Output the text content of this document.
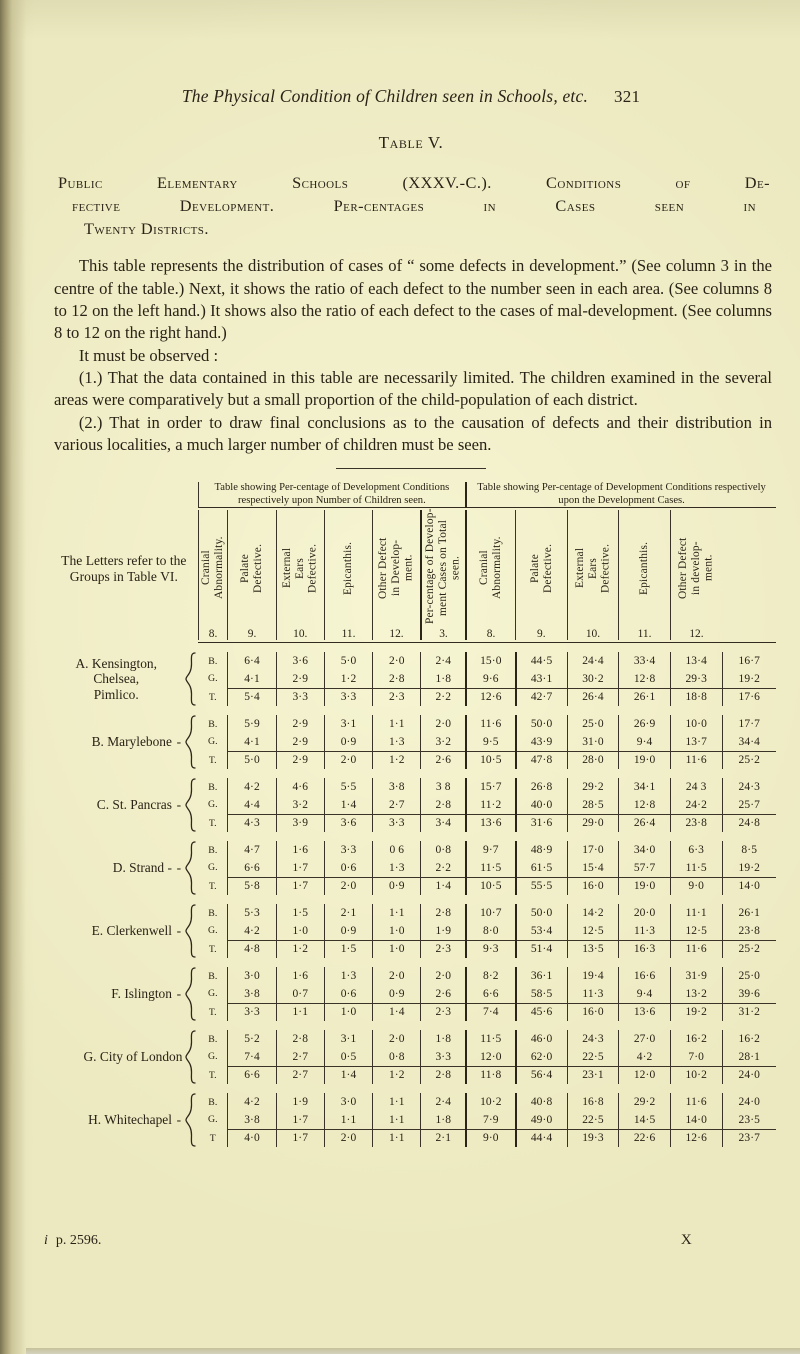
The Physical Condition of Children seen in Schools, etc. 321
Table V.
Public Elementary Schools (XXXV.-C.). Conditions of De-
fective Development. Per-centages in Cases seen in
Twenty Districts.

This table represents the distribution of cases of “ some defects in development.” (See column 3 in the centre of the table.) Next, it shows the ratio of each defect to the number seen in each area. (See columns 8 to 12 on the left hand.) It shows also the ratio of each defect to the cases of mal-development. (See columns 8 to 12 on the right hand.)

It must be observed :

(1.) That the data contained in this table are necessarily limited. The children examined in the several areas were comparatively but a small proportion of the child-population of each district.

(2.) That in order to draw final conclusions as to the causation of defects and their distribution in various localities, a much larger number of children must be seen.

		Table showing Per-centage of Development Conditions respectively upon Number of Children seen.						Table showing Per-centage of Development Conditions respectively upon the Development Cases.					

The Letters refer to the Groups in Table VI.		Cranial Abnormality.	Palate Defective.	External Ears Defective.	Epicanthis.	Other Defect in Develop- ment.	Per-centage of Develop- ment Cases on Total seen.	Cranial Abnormality.	Palate Defective.	External Ears Defective.	Epicanthis.	Other Defect in develop- ment.	

		8.	9.	10.	11.	12.	3.	8.	9.	10.	11.	12.	

A. Kensington,
Chelsea,
Pimlico.		B.	6·4	3·6	5·0	2·0	2·4	15·0	44·5	24·4	33·4	13·4	16·7
		G.	4·1	2·9	1·2	2·8	1·8	9·6	43·1	30·2	12·8	29·3	19·2
		T.	5·4	3·3	3·3	2·3	2·2	12·6	42·7	26·4	26·1	18·8	17·6

B. Marylebone -		B.	5·9	2·9	3·1	1·1	2·0	11·6	50·0	25·0	26·9	10·0	17·7
		G.	4·1	2·9	0·9	1·3	3·2	9·5	43·9	31·0	9·4	13·7	34·4
		T.	5·0	2·9	2·0	1·2	2·6	10·5	47·8	28·0	19·0	11·6	25·2

C. St. Pancras -		B.	4·2	4·6	5·5	3·8	3 8	15·7	26·8	29·2	34·1	24 3	24·3
		G.	4·4	3·2	1·4	2·7	2·8	11·2	40·0	28·5	12·8	24·2	25·7
		T.	4·3	3·9	3·6	3·3	3·4	13·6	31·6	29·0	26·4	23·8	24·8

D. Strand - -		B.	4·7	1·6	3·3	0 6	0·8	9·7	48·9	17·0	34·0	6·3	8·5
		G.	6·6	1·7	0·6	1·3	2·2	11·5	61·5	15·4	57·7	11·5	19·2
		T.	5·8	1·7	2·0	0·9	1·4	10·5	55·5	16·0	19·0	9·0	14·0

E. Clerkenwell -		B.	5·3	1·5	2·1	1·1	2·8	10·7	50·0	14·2	20·0	11·1	26·1
		G.	4·2	1·0	0·9	1·0	1·9	8·0	53·4	12·5	11·3	12·5	23·8
		T.	4·8	1·2	1·5	1·0	2·3	9·3	51·4	13·5	16·3	11·6	25·2

F. Islington -		B.	3·0	1·6	1·3	2·0	2·0	8·2	36·1	19·4	16·6	31·9	25·0
		G.	3·8	0·7	0·6	0·9	2·6	6·6	58·5	11·3	9·4	13·2	39·6
		T.	3·3	1·1	1·0	1·4	2·3	7·4	45·6	16·0	13·6	19·2	31·2

G. City of London		B.	5·2	2·8	3·1	2·0	1·8	11·5	46·0	24·3	27·0	16·2	16·2
		G.	7·4	2·7	0·5	0·8	3·3	12·0	62·0	22·5	4·2	7·0	28·1
		T.	6·6	2·7	1·4	1·2	2·8	11·8	56·4	23·1	12·0	10·2	24·0

H. Whitechapel -		B.	4·2	1·9	3·0	1·1	2·4	10·2	40·8	16·8	29·2	11·6	24·0
		G.	3·8	1·7	1·1	1·1	1·8	7·9	49·0	22·5	14·5	14·0	23·5
		T	4·0	1·7	2·0	1·1	2·1	9·0	44·4	19·3	22·6	12·6	23·7
i p. 2596.	X
